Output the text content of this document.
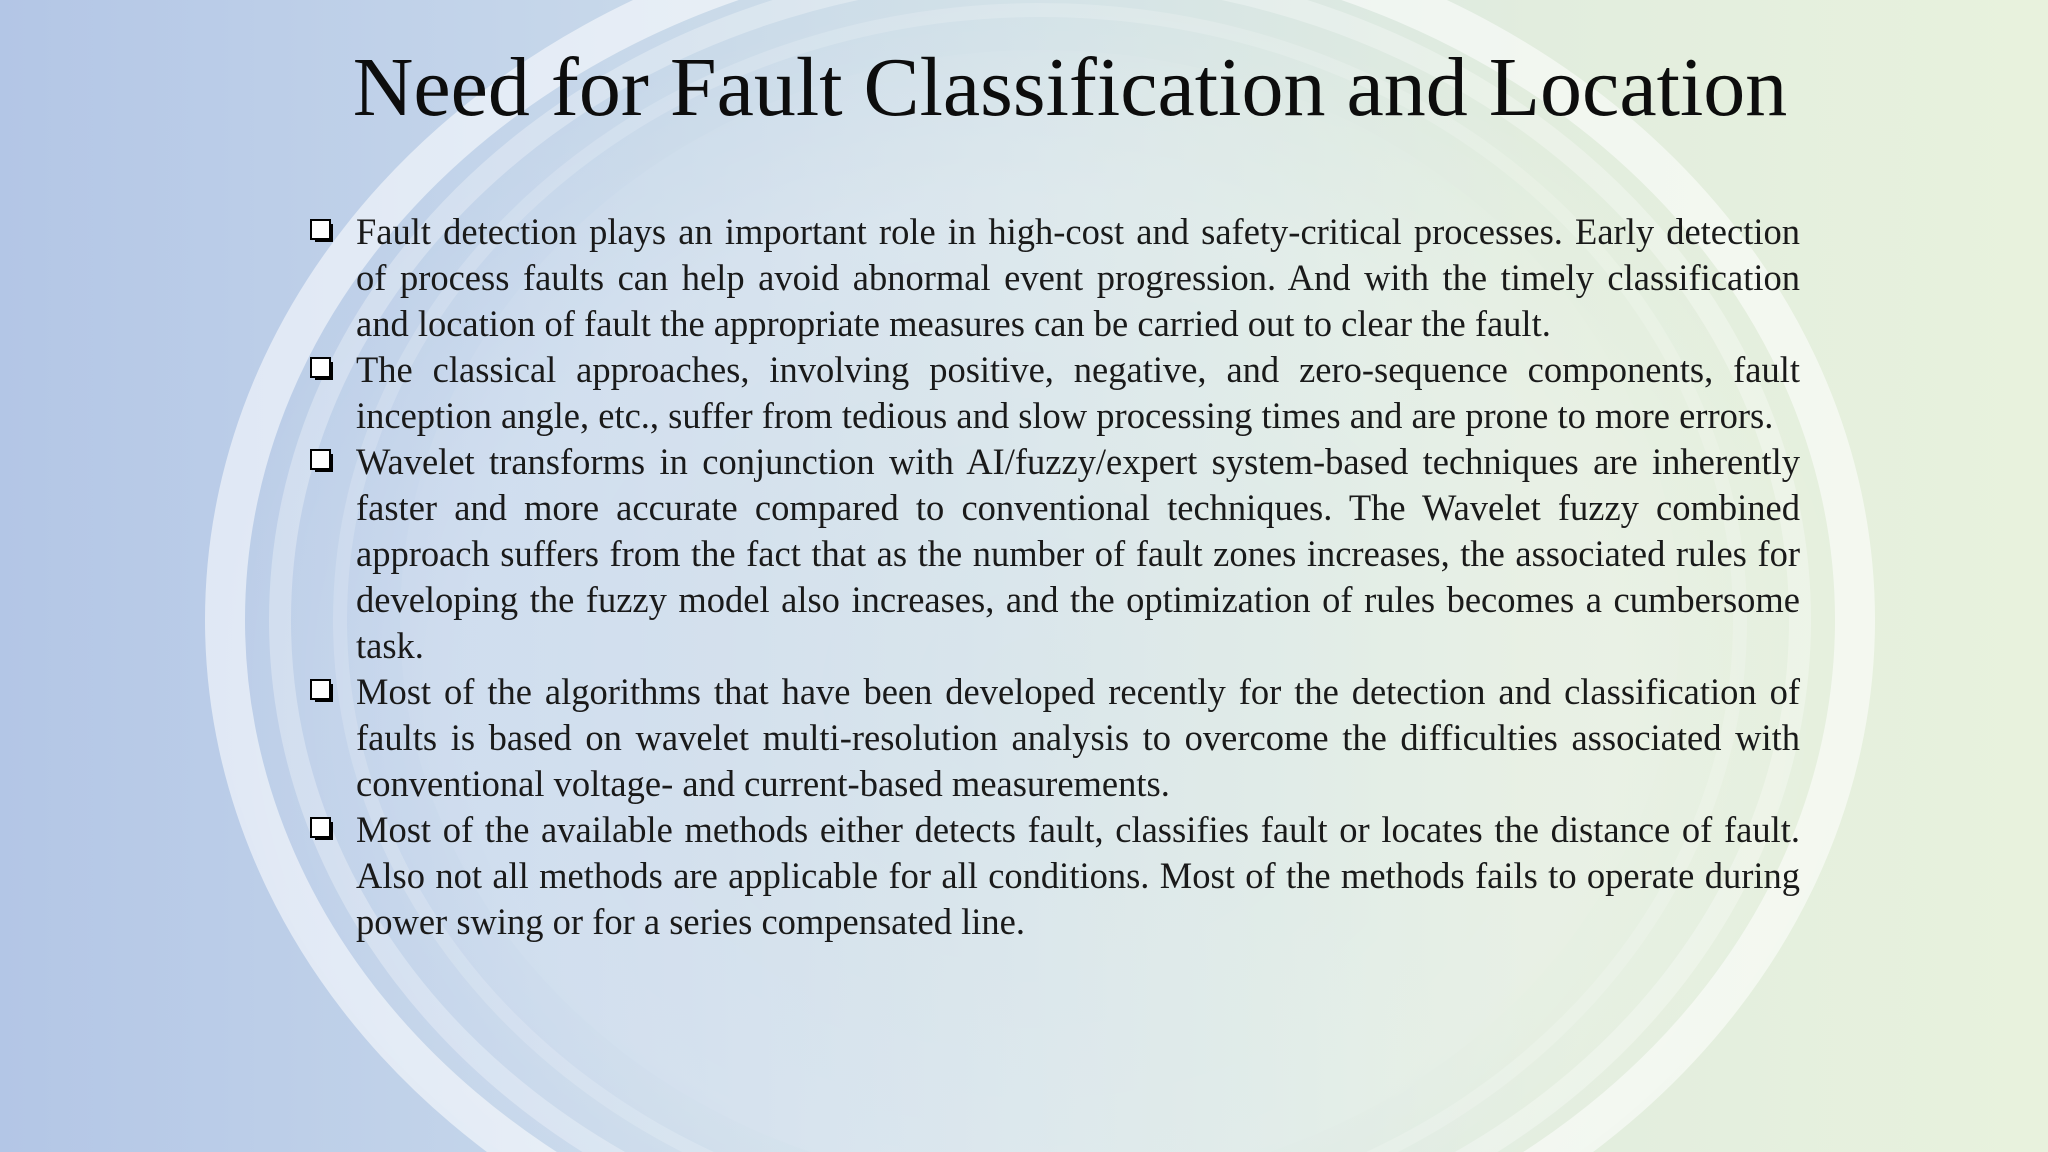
Need for Fault Classification and Location
Fault detection plays an important role in high-cost and safety-critical processes. Early detection of process faults can help avoid abnormal event progression. And with the timely classification and location of fault the appropriate measures can be carried out to clear the fault.
The classical approaches, involving positive, negative, and zero-sequence components, fault inception angle, etc., suffer from tedious and slow processing times and are prone to more errors.
Wavelet transforms in conjunction with AI/fuzzy/expert system-based techniques are inherently faster and more accurate compared to conventional techniques. The Wavelet fuzzy combined approach suffers from the fact that as the number of fault zones increases, the associated rules for developing the fuzzy model also increases, and the optimization of rules becomes a cumbersome task.
Most of the algorithms that have been developed recently for the detection and classification of faults is based on wavelet multi-resolution analysis to overcome the difficulties associated with conventional voltage- and current-based measurements.
Most of the available methods either detects fault, classifies fault or locates the distance of fault. Also not all methods are applicable for all conditions. Most of the methods fails to operate during power swing or for a series compensated line.
